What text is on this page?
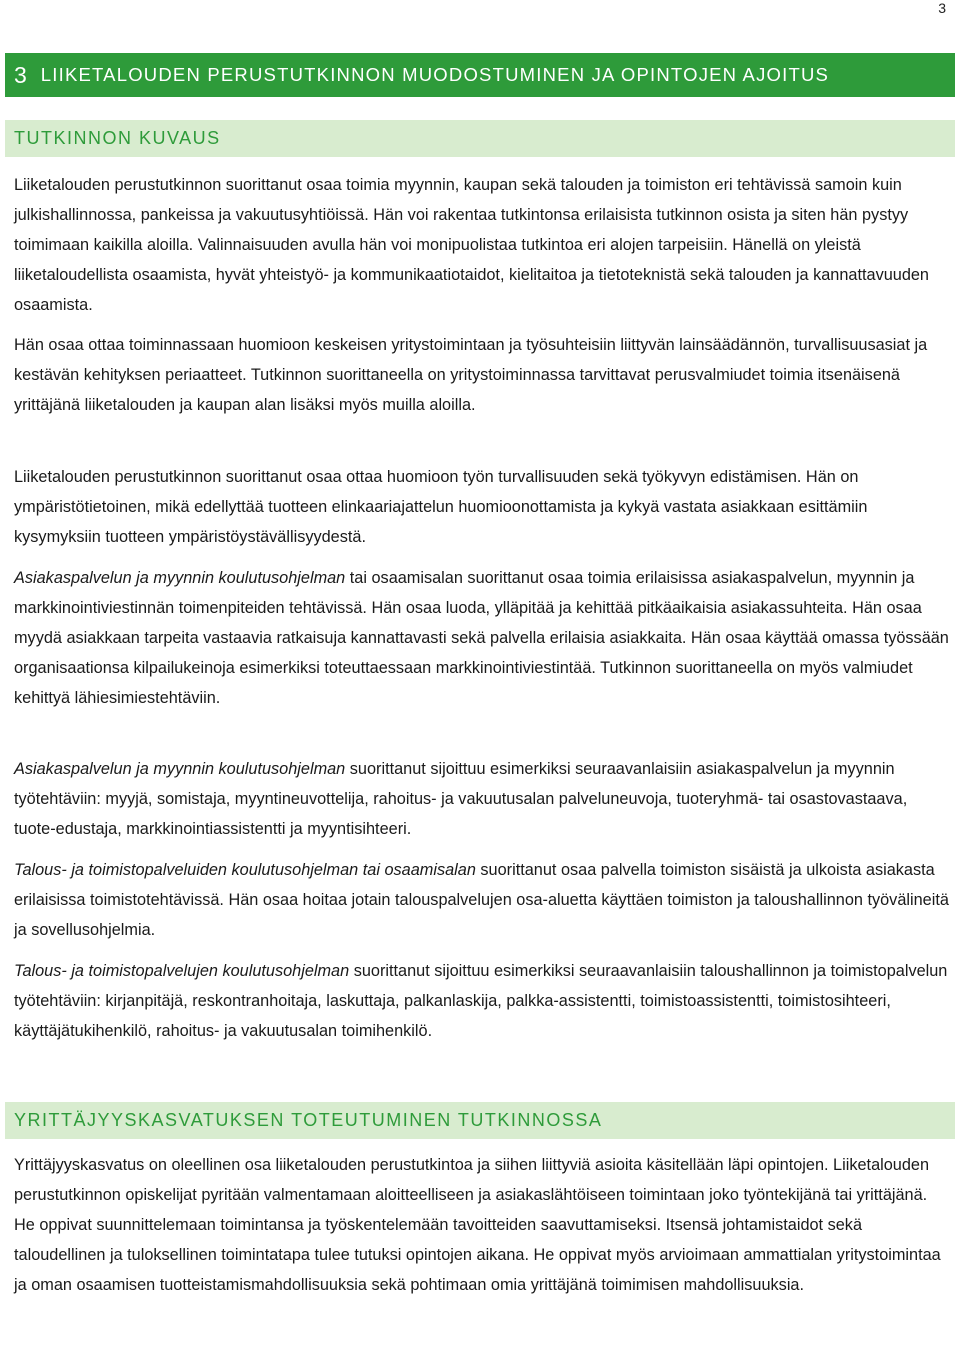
3
3 LIIKETALOUDEN PERUSTUTKINNON MUODOSTUMINEN JA OPINTOJEN AJOITUS
TUTKINNON KUVAUS

Liiketalouden perustutkinnon suorittanut osaa toimia myynnin, kaupan sekä talouden ja toimiston eri tehtävissä samoin kuin julkishallinnossa, pankeissa ja vakuutusyhtiöissä. Hän voi rakentaa tutkintonsa erilaisista tutkinnon osista ja siten hän pystyy toimimaan kaikilla aloilla. Valinnaisuuden avulla hän voi monipuolistaa tutkintoa eri alojen tarpeisiin. Hänellä on yleistä liiketaloudellista osaamista, hyvät yhteistyö- ja kommunikaatiotaidot, kielitaitoa ja tietoteknistä sekä talouden ja kannattavuuden osaamista.

Hän osaa ottaa toiminnassaan huomioon keskeisen yritystoimintaan ja työsuhteisiin liittyvän lainsäädännön, turvallisuusasiat ja kestävän kehityksen periaatteet. Tutkinnon suorittaneella on yritystoiminnassa tarvittavat perusvalmiudet toimia itsenäisenä yrittäjänä liiketalouden ja kaupan alan lisäksi myös muilla aloilla.

Liiketalouden perustutkinnon suorittanut osaa ottaa huomioon työn turvallisuuden sekä työkyvyn edistämisen. Hän on ympäristötietoinen, mikä edellyttää tuotteen elinkaariajattelun huomioonottamista ja kykyä vastata asiakkaan esittämiin kysymyksiin tuotteen ympäristöystävällisyydestä.

Asiakaspalvelun ja myynnin koulutusohjelman tai osaamisalan suorittanut osaa toimia erilaisissa asiakaspalvelun, myynnin ja markkinointiviestinnän toimenpiteiden tehtävissä. Hän osaa luoda, ylläpitää ja kehittää pitkäaikaisia asiakassuhteita. Hän osaa myydä asiakkaan tarpeita vastaavia ratkaisuja kannattavasti sekä palvella erilaisia asiakkaita. Hän osaa käyttää omassa työssään organisaationsa kilpailukeinoja esimerkiksi toteuttaessaan markkinointiviestintää. Tutkinnon suorittaneella on myös valmiudet kehittyä lähiesimiestehtäviin.

Asiakaspalvelun ja myynnin koulutusohjelman suorittanut sijoittuu esimerkiksi seuraavanlaisiin asiakaspalvelun ja myynnin työtehtäviin: myyjä, somistaja, myyntineuvottelija, rahoitus- ja vakuutusalan palveluneuvoja, tuoteryhmä- tai osastovastaava, tuote-edustaja, markkinointiassistentti ja myyntisihteeri.

Talous- ja toimistopalveluiden koulutusohjelman tai osaamisalan suorittanut osaa palvella toimiston sisäistä ja ulkoista asiakasta erilaisissa toimistotehtävissä. Hän osaa hoitaa jotain talouspalvelujen osa-aluetta käyttäen toimiston ja taloushallinnon työvälineitä ja sovellusohjelmia.

Talous- ja toimistopalvelujen koulutusohjelman suorittanut sijoittuu esimerkiksi seuraavanlaisiin taloushallinnon ja toimistopalvelun työtehtäviin: kirjanpitäjä, reskontranhoitaja, laskuttaja, palkanlaskija, palkka-assistentti, toimistoassistentti, toimistosihteeri, käyttäjätukihenkilö, rahoitus- ja vakuutusalan toimihenkilö.

YRITTÄJYYSKASVATUKSEN TOTEUTUMINEN TUTKINNOSSA

Yrittäjyyskasvatus on oleellinen osa liiketalouden perustutkintoa ja siihen liittyviä asioita käsitellään läpi opintojen. Liiketalouden perustutkinnon opiskelijat pyritään valmentamaan aloitteelliseen ja asiakaslähtöiseen toimintaan joko työntekijänä tai yrittäjänä. He oppivat suunnittelemaan toimintansa ja työskentelemään tavoitteiden saavuttamiseksi. Itsensä johtamistaidot sekä taloudellinen ja tuloksellinen toimintatapa tulee tutuksi opintojen aikana. He oppivat myös arvioimaan ammattialan yritystoimintaa ja oman osaamisen tuotteistamismahdollisuuksia sekä pohtimaan omia yrittäjänä toimimisen mahdollisuuksia.
